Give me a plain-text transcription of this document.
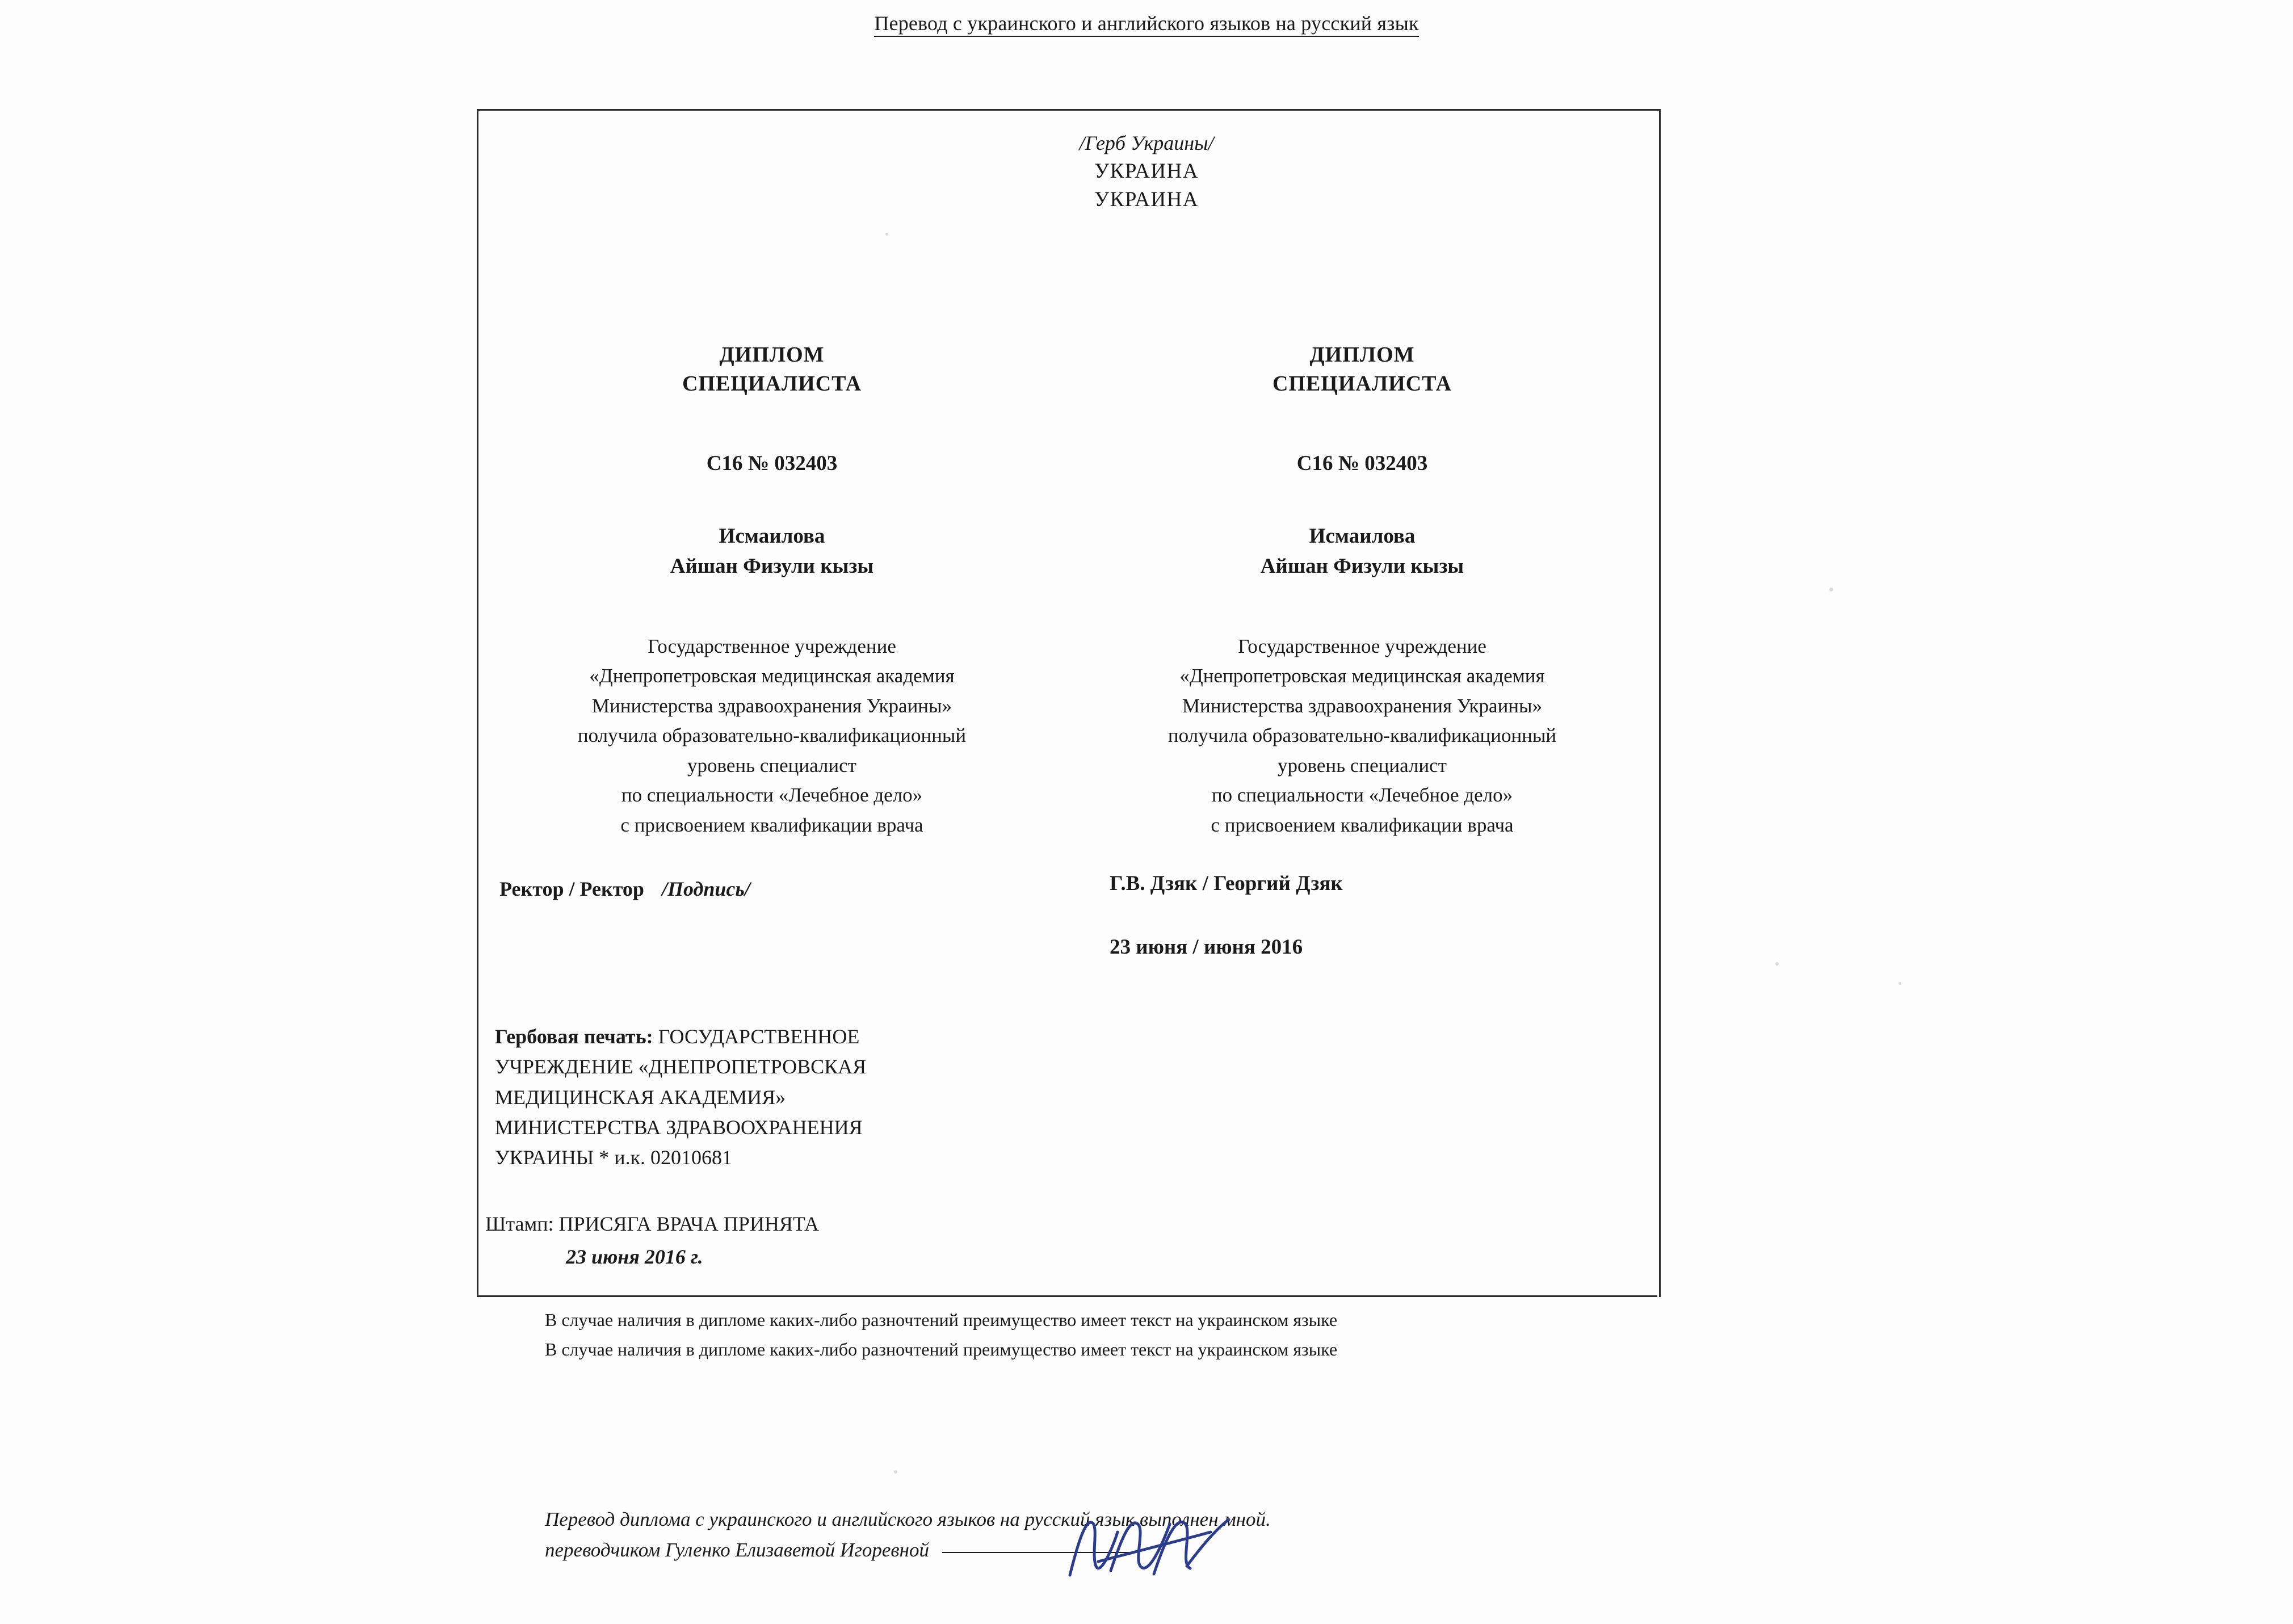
Перевод с украинского и английского языков на русский язык
/Герб Украины/
УКРАИНА
УКРАИНА
ДИПЛОМ
СПЕЦИАЛИСТА
С16 № 032403
Исмаилова
Айшан Физули кызы
Государственное учреждение
«Днепропетровская медицинская академия
Министерства здравоохранения Украины»
получила образовательно-квалификационный
уровень специалист
по специальности «Лечебное дело»
с присвоением квалификации врача
ДИПЛОМ
СПЕЦИАЛИСТА
С16 № 032403
Исмаилова
Айшан Физули кызы
Государственное учреждение
«Днепропетровская медицинская академия
Министерства здравоохранения Украины»
получила образовательно-квалификационный
уровень специалист
по специальности «Лечебное дело»
с присвоением квалификации врача
Ректор / Ректор /Подпись/	Г.В. Дзяк / Георгий Дзяк
23 июня / июня 2016
Гербовая печать: ГОСУДАРСТВЕННОЕ
УЧРЕЖДЕНИЕ «ДНЕПРОПЕТРОВСКАЯ
МЕДИЦИНСКАЯ АКАДЕМИЯ»
МИНИСТЕРСТВА ЗДРАВООХРАНЕНИЯ
УКРАИНЫ * и.к. 02010681
Штамп: ПРИСЯГА ВРАЧА ПРИНЯТА
23 июня 2016 г.
В случае наличия в дипломе каких-либо разночтений преимущество имеет текст на украинском языке
В случае наличия в дипломе каких-либо разночтений преимущество имеет текст на украинском языке
Перевод диплома с украинского и английского языков на русский язык выполнен мной.
переводчиком Гуленко Елизаветой Игоревной
